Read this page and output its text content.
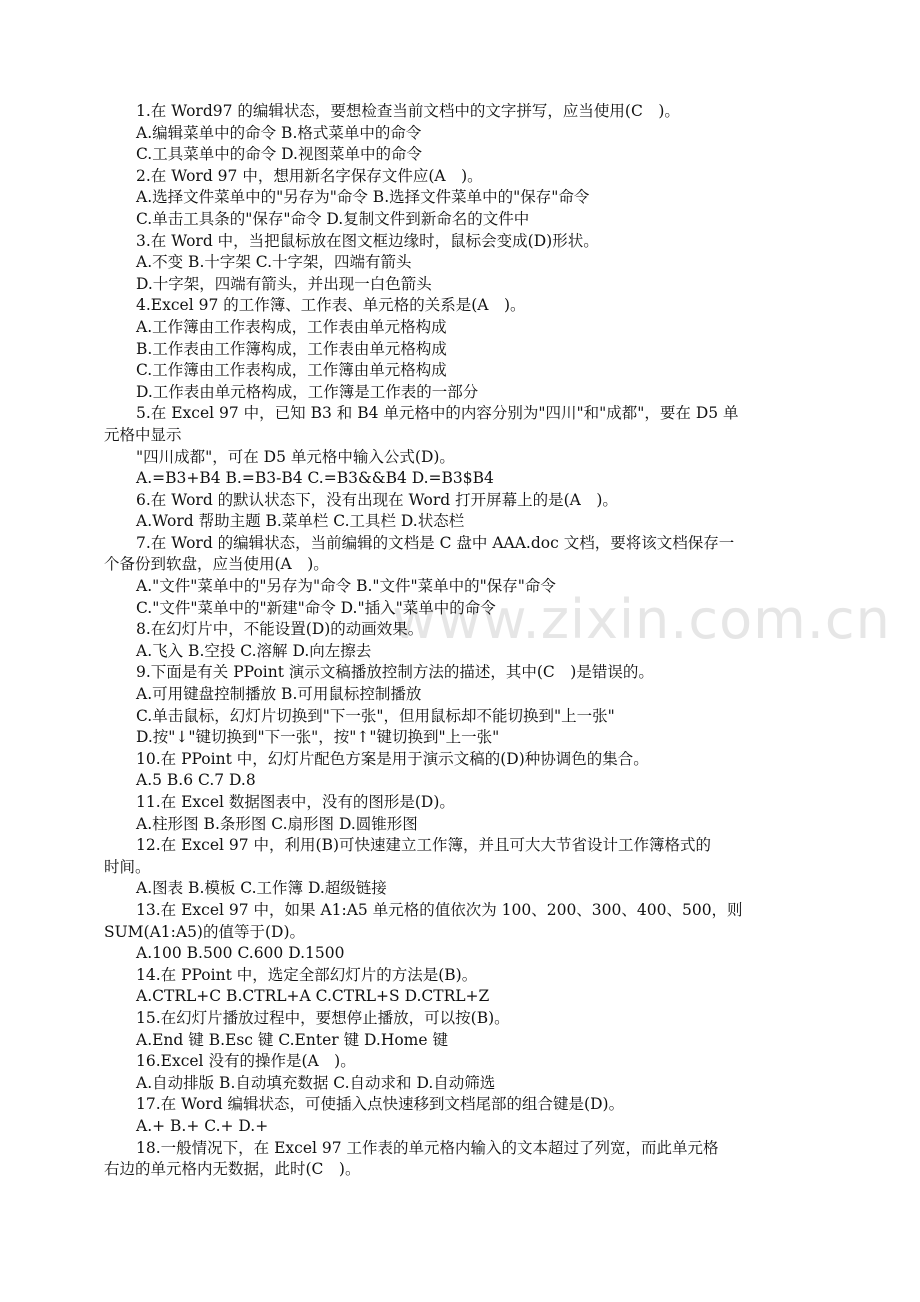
www.zixin.com.cn
1.在 Word97 的编辑状态，要想检查当前文档中的文字拼写，应当使用(C　)。
A.编辑菜单中的命令 B.格式菜单中的命令
C.工具菜单中的命令 D.视图菜单中的命令
2.在 Word 97 中，想用新名字保存文件应(A　)。
A.选择文件菜单中的"另存为"命令 B.选择文件菜单中的"保存"命令
C.单击工具条的"保存"命令 D.复制文件到新命名的文件中
3.在 Word 中，当把鼠标放在图文框边缘时，鼠标会变成(D)形状。
A.不变 B.十字架 C.十字架，四端有箭头
D.十字架，四端有箭头，并出现一白色箭头
4.Excel 97 的工作簿、工作表、单元格的关系是(A　)。
A.工作簿由工作表构成，工作表由单元格构成
B.工作表由工作簿构成，工作表由单元格构成
C.工作簿由工作表构成，工作簿由单元格构成
D.工作表由单元格构成，工作簿是工作表的一部分
5.在 Excel 97 中，已知 B3 和 B4 单元格中的内容分别为"四川"和"成都"，要在 D5 单
元格中显示
"四川成都"，可在 D5 单元格中输入公式(D)。
A.=B3+B4 B.=B3-B4 C.=B3&&B4 D.=B3$B4
6.在 Word 的默认状态下，没有出现在 Word 打开屏幕上的是(A　)。
A.Word 帮助主题 B.菜单栏 C.工具栏 D.状态栏
7.在 Word 的编辑状态，当前编辑的文档是 C 盘中 AAA.doc 文档，要将该文档保存一
个备份到软盘，应当使用(A　)。
A."文件"菜单中的"另存为"命令 B."文件"菜单中的"保存"命令
C."文件"菜单中的"新建"命令 D."插入"菜单中的命令
8.在幻灯片中，不能设置(D)的动画效果。
A.飞入 B.空投 C.溶解 D.向左擦去
9.下面是有关 PPoint 演示文稿播放控制方法的描述，其中(C　)是错误的。
A.可用键盘控制播放 B.可用鼠标控制播放
C.单击鼠标，幻灯片切换到"下一张"，但用鼠标却不能切换到"上一张"
D.按"↓"键切换到"下一张"，按"↑"键切换到"上一张"
10.在 PPoint 中，幻灯片配色方案是用于演示文稿的(D)种协调色的集合。
A.5 B.6 C.7 D.8
11.在 Excel 数据图表中，没有的图形是(D)。
A.柱形图 B.条形图 C.扇形图 D.圆锥形图
12.在 Excel 97 中，利用(B)可快速建立工作簿，并且可大大节省设计工作簿格式的
时间。
A.图表 B.模板 C.工作簿 D.超级链接
13.在 Excel 97 中，如果 A1:A5 单元格的值依次为 100、200、300、400、500，则
SUM(A1:A5)的值等于(D)。
A.100 B.500 C.600 D.1500
14.在 PPoint 中，选定全部幻灯片的方法是(B)。
A.CTRL+C B.CTRL+A C.CTRL+S D.CTRL+Z
15.在幻灯片播放过程中，要想停止播放，可以按(B)。
A.End 键 B.Esc 键 C.Enter 键 D.Home 键
16.Excel 没有的操作是(A　)。
A.自动排版 B.自动填充数据 C.自动求和 D.自动筛选
17.在 Word 编辑状态，可使插入点快速移到文档尾部的组合键是(D)。
A.+ B.+ C.+ D.+
18.一般情况下，在 Excel 97 工作表的单元格内输入的文本超过了列宽，而此单元格
右边的单元格内无数据，此时(C　)。
